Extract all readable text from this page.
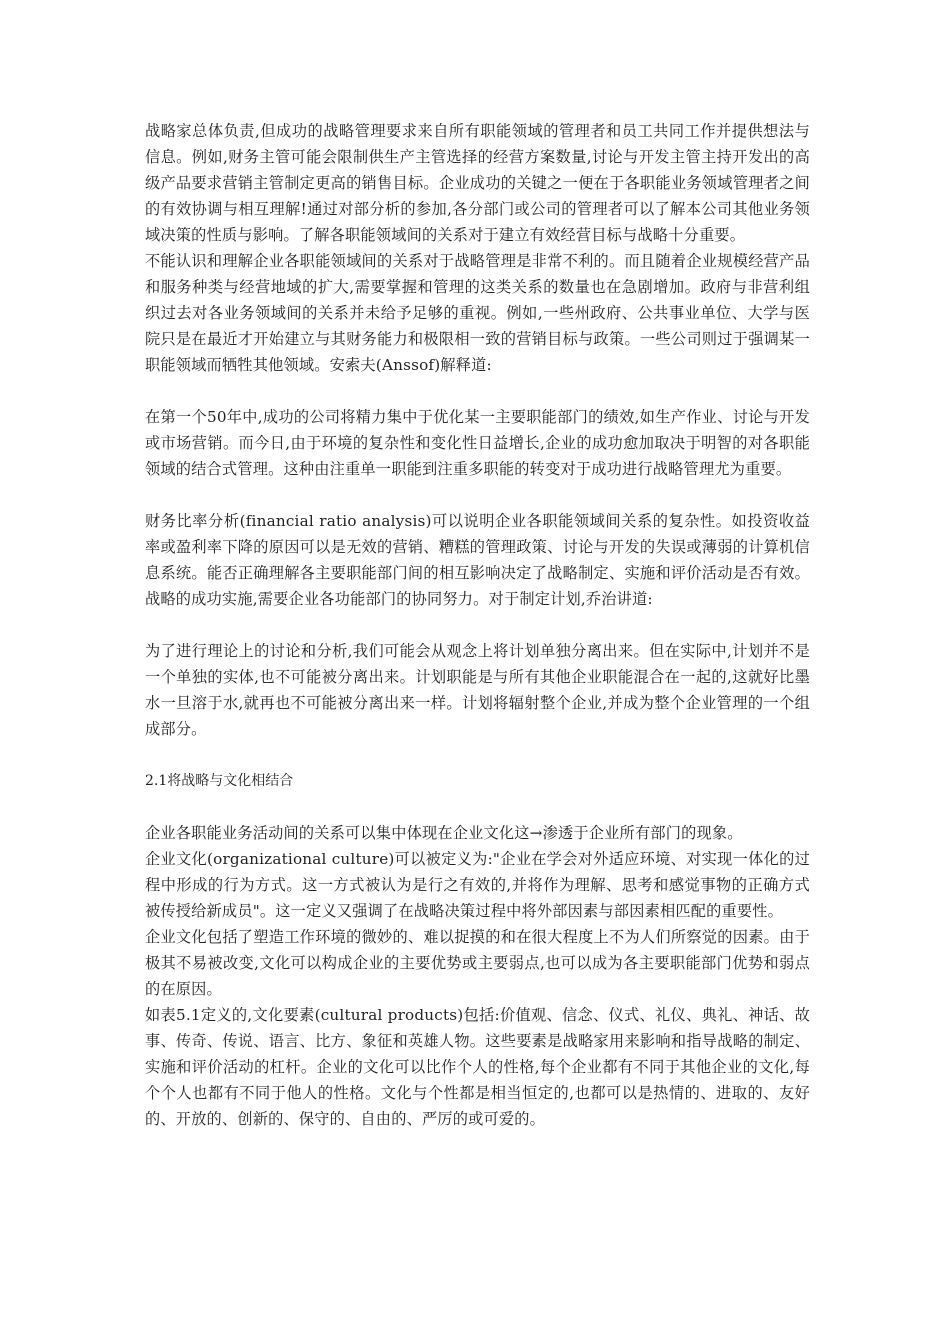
战略家总体负责,但成功的战略管理要求来自所有职能领域的管理者和员工共同工作并提供想法与信息。例如,财务主管可能会限制供生产主管选择的经营方案数量,讨论与开发主管主持开发出的高级产品要求营销主管制定更高的销售目标。企业成功的关键之一便在于各职能业务领域管理者之间的有效协调与相互理解!通过对部分析的参加,各分部门或公司的管理者可以了解本公司其他业务领域决策的性质与影响。了解各职能领域间的关系对于建立有效经营目标与战略十分重要。

不能认识和理解企业各职能领域间的关系对于战略管理是非常不利的。而且随着企业规模经营产品和服务种类与经营地域的扩大,需要掌握和管理的这类关系的数量也在急剧增加。政府与非营利组织过去对各业务领域间的关系并未给予足够的重视。例如,一些州政府、公共事业单位、大学与医院只是在最近才开始建立与其财务能力和极限相一致的营销目标与政策。一些公司则过于强调某一职能领域而牺牲其他领域。安索夫(Anssof)解释道:

在第一个50年中,成功的公司将精力集中于优化某一主要职能部门的绩效,如生产作业、讨论与开发或市场营销。而今日,由于环境的复杂性和变化性日益增长,企业的成功愈加取决于明智的对各职能领域的结合式管理。这种由注重单一职能到注重多职能的转变对于成功进行战略管理尤为重要。

财务比率分析(financial ratio analysis)可以说明企业各职能领域间关系的复杂性。如投资收益率或盈利率下降的原因可以是无效的营销、糟糕的管理政策、讨论与开发的失误或薄弱的计算机信息系统。能否正确理解各主要职能部门间的相互影响决定了战略制定、实施和评价活动是否有效。战略的成功实施,需要企业各功能部门的协同努力。对于制定计划,乔治讲道:

为了进行理论上的讨论和分析,我们可能会从观念上将计划单独分离出来。但在实际中,计划并不是一个单独的实体,也不可能被分离出来。计划职能是与所有其他企业职能混合在一起的,这就好比墨水一旦溶于水,就再也不可能被分离出来一样。计划将辐射整个企业,并成为整个企业管理的一个组成部分。

2.1将战略与文化相结合

企业各职能业务活动间的关系可以集中体现在企业文化这→渗透于企业所有部门的现象。

企业文化(organizational culture)可以被定义为:"企业在学会对外适应环境、对实现一体化的过程中形成的行为方式。这一方式被认为是行之有效的,并将作为理解、思考和感觉事物的正确方式被传授给新成员"。这一定义又强调了在战略决策过程中将外部因素与部因素相匹配的重要性。

企业文化包括了塑造工作环境的微妙的、难以捉摸的和在很大程度上不为人们所察觉的因素。由于极其不易被改变,文化可以构成企业的主要优势或主要弱点,也可以成为各主要职能部门优势和弱点的在原因。

如表5.1定义的,文化要素(cultural products)包括:价值观、信念、仪式、礼仪、典礼、神话、故事、传奇、传说、语言、比方、象征和英雄人物。这些要素是战略家用来影响和指导战略的制定、实施和评价活动的杠杆。企业的文化可以比作个人的性格,每个企业都有不同于其他企业的文化,每个个人也都有不同于他人的性格。文化与个性都是相当恒定的,也都可以是热情的、进取的、友好的、开放的、创新的、保守的、自由的、严厉的或可爱的。
